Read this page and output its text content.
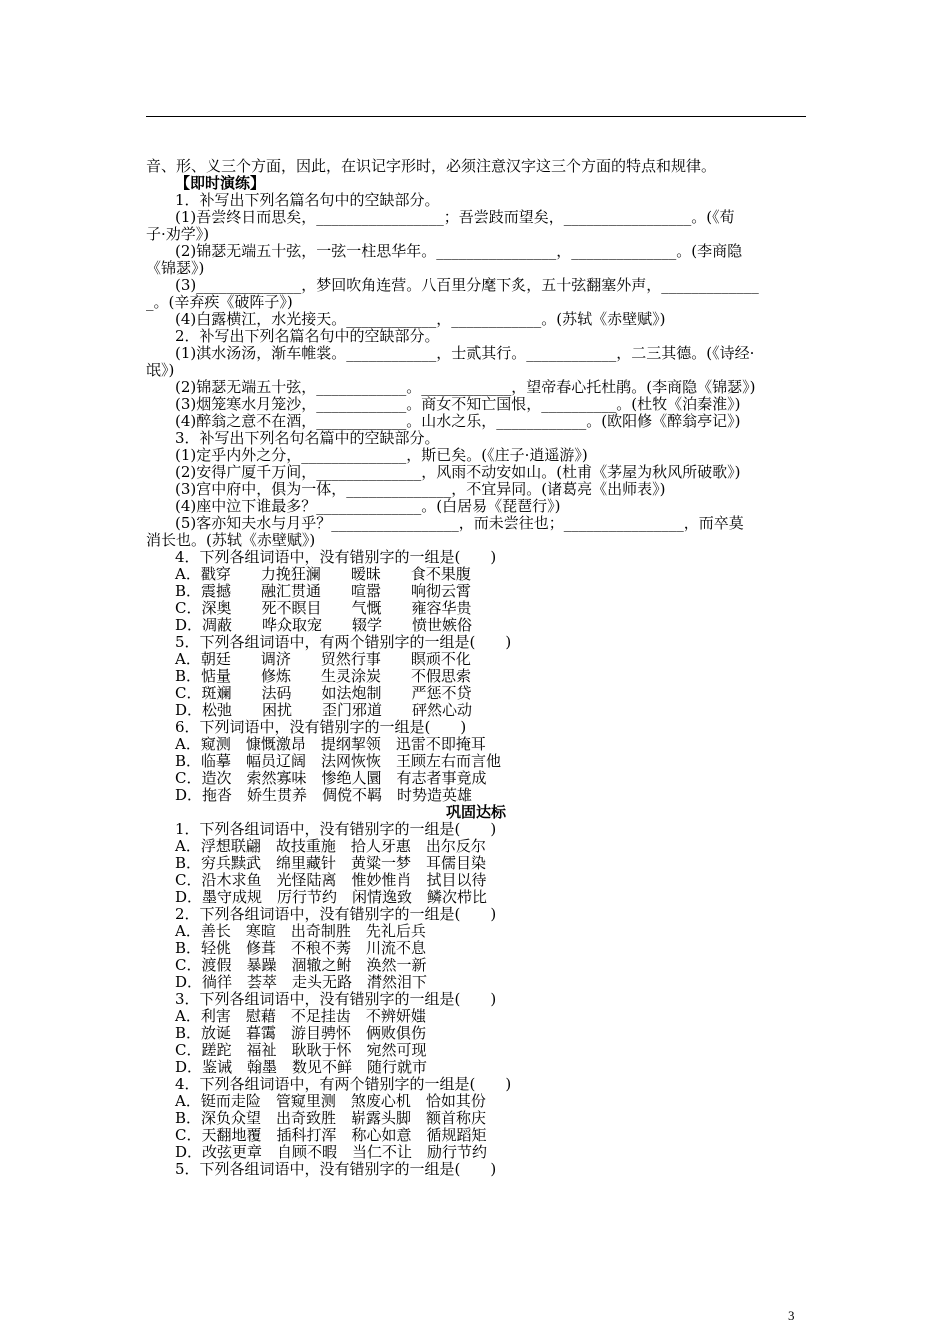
音、形、义三个方面，因此，在识记字形时，必须注意汉字这三个方面的特点和规律。
【即时演练】
1．补写出下列名篇名句中的空缺部分。
(1)吾尝终日而思矣，_________________；吾尝跂而望矣，_________________。(《荀
子·劝学》)
(2)锦瑟无端五十弦，一弦一柱思华年。________________，______________。(李商隐
《锦瑟》)
(3)______________，梦回吹角连营。八百里分麾下炙，五十弦翻塞外声，_____________
_。(辛弃疾《破阵子》)
(4)白露横江，水光接天。____________，____________。(苏轼《赤壁赋》)
2．补写出下列名篇名句中的空缺部分。
(1)淇水汤汤，渐车帷裳。____________，士贰其行。____________，二三其德。(《诗经·
氓》)
(2)锦瑟无端五十弦，____________。____________，望帝春心托杜鹃。(李商隐《锦瑟》)
(3)烟笼寒水月笼沙，____________。商女不知亡国恨，__________。(杜牧《泊秦淮》)
(4)醉翁之意不在酒，____________。山水之乐，____________。(欧阳修《醉翁亭记》)
3．补写出下列名句名篇中的空缺部分。
(1)定乎内外之分，______________，斯已矣。(《庄子·逍遥游》)
(2)安得广厦千万间，______________，风雨不动安如山。(杜甫《茅屋为秋风所破歌》)
(3)宫中府中，俱为一体，______________，不宜异同。(诸葛亮《出师表》)
(4)座中泣下谁最多？______________。(白居易《琵琶行》)
(5)客亦知夫水与月乎？_________________，而未尝往也；________________，而卒莫
消长也。(苏轼《赤壁赋》)
4．下列各组词语中，没有错别字的一组是(　　)
A．戳穿　　力挽狂澜　　暧昧　　食不果腹
B．震撼　　融汇贯通　　喧嚣　　响彻云霄
C．深奥　　死不瞑目　　气慨　　雍容华贵
D．凋蔽　　哗众取宠　　辍学　　愤世嫉俗
5．下列各组词语中，有两个错别字的一组是(　　)
A．朝廷　　调济　　贸然行事　　瞑顽不化
B．惦量　　修炼　　生灵涂炭　　不假思索
C．斑斓　　法码　　如法炮制　　严惩不贷
D．松弛　　困扰　　歪门邪道　　砰然心动
6．下列词语中，没有错别字的一组是(　　)
A．窥测　慷慨激昂　提纲挈领　迅雷不即掩耳
B．临摹　幅员辽阔　法网恢恢　王顾左右而言他
C．造次　索然寡味　惨绝人圜　有志者事竟成
D．拖沓　娇生贯养　倜傥不羁　时势造英雄
巩固达标
1．下列各组词语中，没有错别字的一组是(　　)
A．浮想联翩　故技重施　拾人牙惠　出尔反尔
B．穷兵黩武　绵里藏针　黄粱一梦　耳儒目染
C．沿木求鱼　光怪陆离　惟妙惟肖　拭目以待
D．墨守成规　厉行节约　闲情逸致　鳞次栉比
2．下列各组词语中，没有错别字的一组是(　　)
A．善长　寒暄　出奇制胜　先礼后兵
B．轻佻　修葺　不稂不莠　川流不息
C．渡假　暴躁　涸辙之鲋　涣然一新
D．徜徉　荟萃　走头无路　潸然泪下
3．下列各组词语中，没有错别字的一组是(　　)
A．利害　慰藉　不足挂齿　不辨妍媸
B．放诞　暮霭　游目骋怀　俩败俱伤
C．蹉跎　福祉　耿耿于怀　宛然可现
D．鉴诫　翰墨　数见不鲜　随行就市
4．下列各组词语中，有两个错别字的一组是(　　)
A．铤而走险　管窥里测　煞废心机　恰如其份
B．深负众望　出奇致胜　崭露头脚　额首称庆
C．天翻地覆　插科打浑　称心如意　循规蹈矩
D．改弦更章　自顾不暇　当仁不让　励行节约
5．下列各组词语中，没有错别字的一组是(　　)
3
